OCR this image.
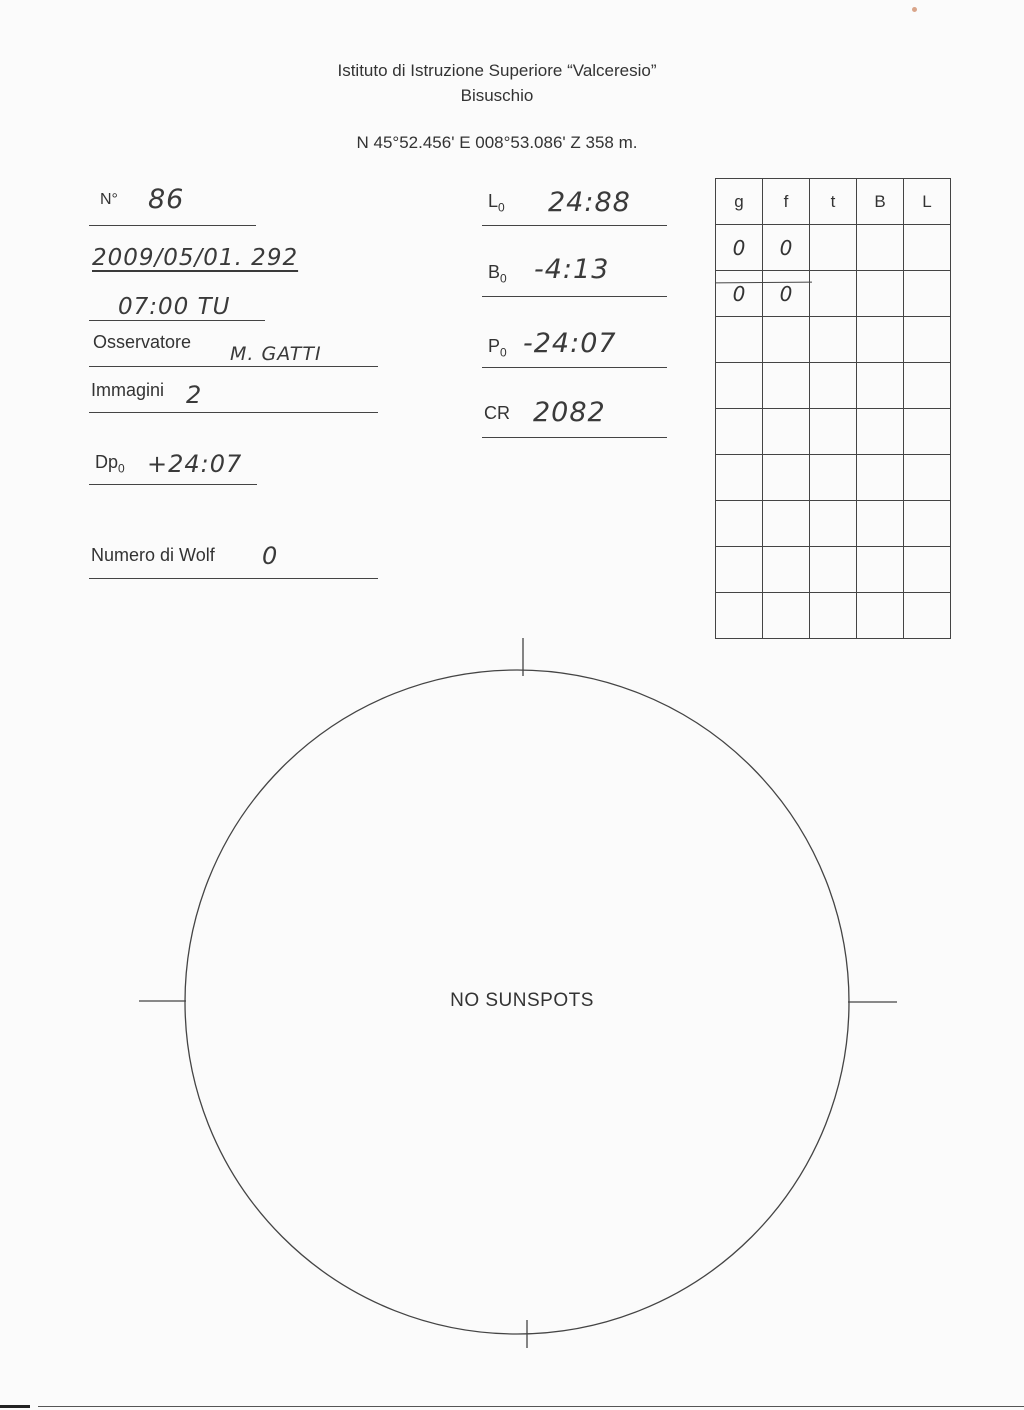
Istituto di Istruzione Superiore “Valceresio”
Bisuschio
N 45°52.456' E 008°53.086' Z 358 m.
N° 86
2009/05/01. 292
07:00 TU
Osservatore
M. GATTI
Immagini 2
$Dp_0$ +24:07
Numero di Wolf 0
$L_0$ 24:88
$B_0$ -4:13
$P_0$ -24:07
CR 2082
g	f	t	B	L
0	0			
0	0			

NO SUNSPOTS
